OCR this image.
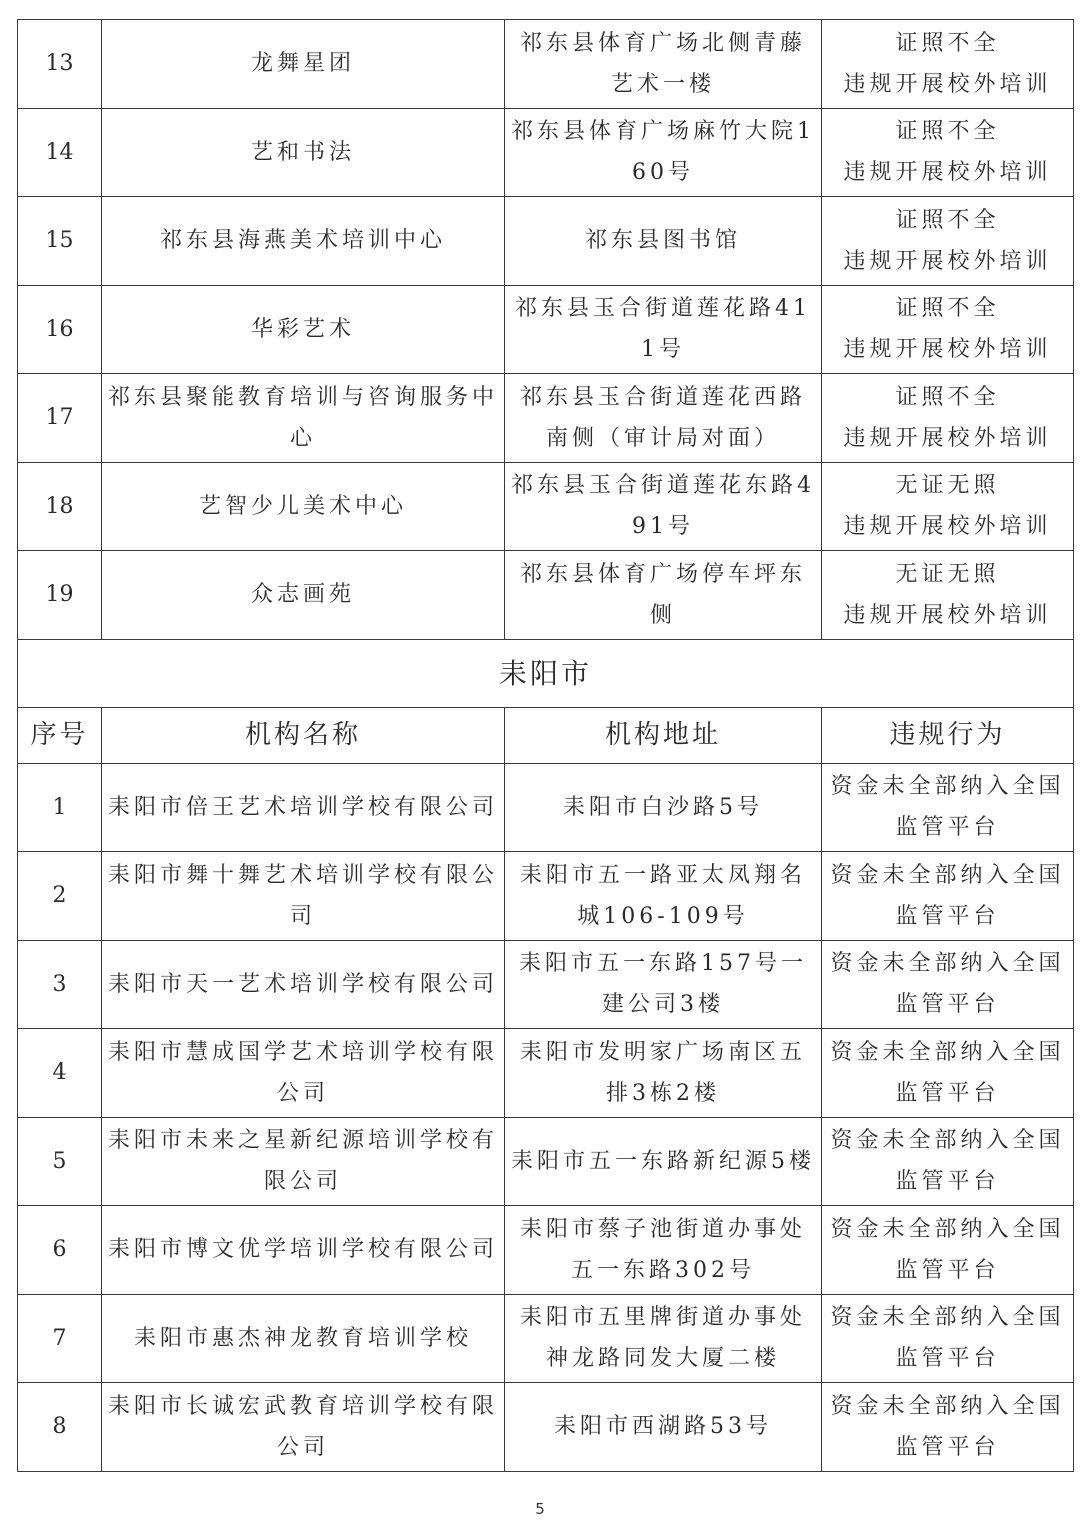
13	龙舞星团	祁东县体育广场北侧青藤艺术一楼	证照不全
违规开展校外培训

14	艺和书法	祁东县体育广场麻竹大院160号	证照不全
违规开展校外培训

15	祁东县海燕美术培训中心	祁东县图书馆	证照不全
违规开展校外培训

16	华彩艺术	祁东县玉合街道莲花路411号	证照不全
违规开展校外培训

17	祁东县聚能教育培训与咨询服务中心	祁东县玉合街道莲花西路南侧（审计局对面）	证照不全
违规开展校外培训

18	艺智少儿美术中心	祁东县玉合街道莲花东路491号	无证无照
违规开展校外培训

19	众志画苑	祁东县体育广场停车坪东侧	无证无照
违规开展校外培训

耒阳市			
序号	机构名称	机构地址	违规行为
1	耒阳市倍王艺术培训学校有限公司	耒阳市白沙路5号	资金未全部纳入全国监管平台
2	耒阳市舞十舞艺术培训学校有限公司	耒阳市五一路亚太凤翔名城106-109号	资金未全部纳入全国监管平台
3	耒阳市天一艺术培训学校有限公司	耒阳市五一东路157号一建公司3楼	资金未全部纳入全国监管平台
4	耒阳市慧成国学艺术培训学校有限公司	耒阳市发明家广场南区五排3栋2楼	资金未全部纳入全国监管平台
5	耒阳市未来之星新纪源培训学校有限公司	耒阳市五一东路新纪源5楼	资金未全部纳入全国监管平台
6	耒阳市博文优学培训学校有限公司	耒阳市蔡子池街道办事处五一东路302号	资金未全部纳入全国监管平台
7	耒阳市惠杰神龙教育培训学校	耒阳市五里牌街道办事处神龙路同发大厦二楼	资金未全部纳入全国监管平台
8	耒阳市长诚宏武教育培训学校有限公司	耒阳市西湖路53号	资金未全部纳入全国监管平台
5
